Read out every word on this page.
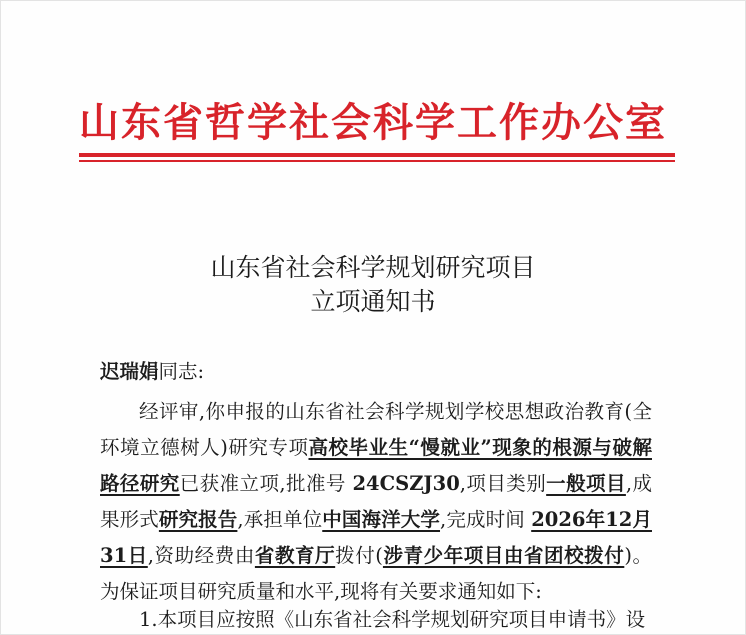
山东省哲学社会科学工作办公室
山东省社会科学规划研究项目
立项通知书
迟瑞娟同志:
经评审,你申报的山东省社会科学规划学校思想政治教育(全环境立德树人)研究专项高校毕业生“慢就业”现象的根源与破解路径研究已获准立项,批准号 24CSZJ30,项目类别一般项目,成果形式研究报告,承担单位中国海洋大学,完成时间 2026年12月31日,资助经费由省教育厅拨付(涉青少年项目由省团校拨付)。为保证项目研究质量和水平,现将有关要求通知如下:
1.本项目应按照《山东省社会科学规划研究项目申请书》设
